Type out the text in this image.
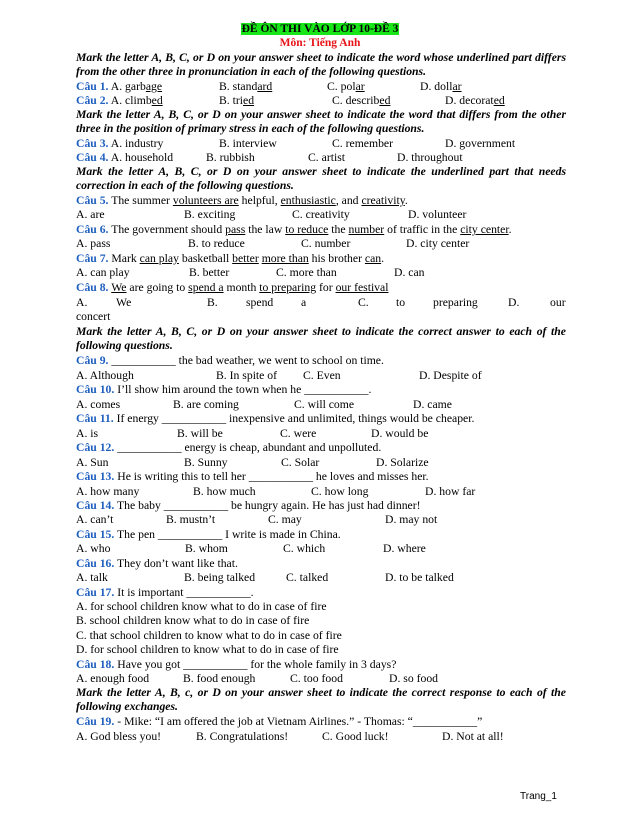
ĐỀ ÔN THI VÀO LỚP 10-ĐỀ 3
Môn: Tiếng Anh
Mark the letter A, B, C, or D on your answer sheet to indicate the word whose underlined part differs from the other three in pronunciation in each of the following questions.
Câu 1. A. garbage	B. standard	C. polar	D. dollar
Câu 2. A. climbed	B. tried	C. described	D. decorated
Mark the letter A, B, C, or D on your answer sheet to indicate the word that differs from the other three in the position of primary stress in each of the following questions.
Câu 3. A. industry	B. interview	C. remember	D. government
Câu 4. A. household	B. rubbish	C. artist	D. throughout
Mark the letter A, B, C, or D on your answer sheet to indicate the underlined part that needs correction in each of the following questions.
Câu 5. The summer volunteers are helpful, enthusiastic, and creativity.
A. are	B. exciting	C. creativity	D. volunteer
Câu 6. The government should pass the law to reduce the number of traffic in the city center.
A. pass	B. to reduce	C. number	D. city center
Câu 7. Mark can play basketball better more than his brother can.
A. can play	B. better	C. more than	D. can
Câu 8. We are going to spend a month to preparing for our festival
A. We	B. spend a	C. to preparing	D.	our
concert
Mark the letter A, B, C, or D on your answer sheet to indicate the correct answer to each of the following questions.
Câu 9. ___________ the bad weather, we went to school on time.
A. Although	B. In spite of C. Even	D. Despite of
Câu 10. I’ll show him around the town when he ___________.
A. comes	B. are coming	C. will come	D. came
Câu 11. If energy ___________ inexpensive and unlimited, things would be cheaper.
A. is	B. will be	C. were	D. would be
Câu 12. ___________ energy is cheap, abundant and unpolluted.
A. Sun	B. Sunny	C. Solar	D. Solarize
Câu 13. He is writing this to tell her ___________ he loves and misses her.
A. how many	B. how much	C. how long	D. how far
Câu 14. The baby ___________ be hungry again. He has just had dinner!
A. can’t	B. mustn’t	C. may	D. may not
Câu 15. The pen ___________ I write is made in China.
A. who	B. whom	C. which	D. where
Câu 16. They don’t want like that.
A. talk	B. being talked	C. talked	D. to be talked
Câu 17. It is important ___________.
A. for school children know what to do in case of fire
B. school children know what to do in case of fire
C. that school children to know what to do in case of fire
D. for school children to know what to do in case of fire
Câu 18. Have you got ___________ for the whole family in 3 days?
A. enough food	B. food enough	C. too food	D. so food
Mark the letter A, B, c, or D on your answer sheet to indicate the correct response to each of the following exchanges.
Câu 19. - Mike: “I am offered the job at Vietnam Airlines.” - Thomas: “___________”
A. God bless you!	B. Congratulations!	C. Good luck!	D. Not at all!
Trang_1
